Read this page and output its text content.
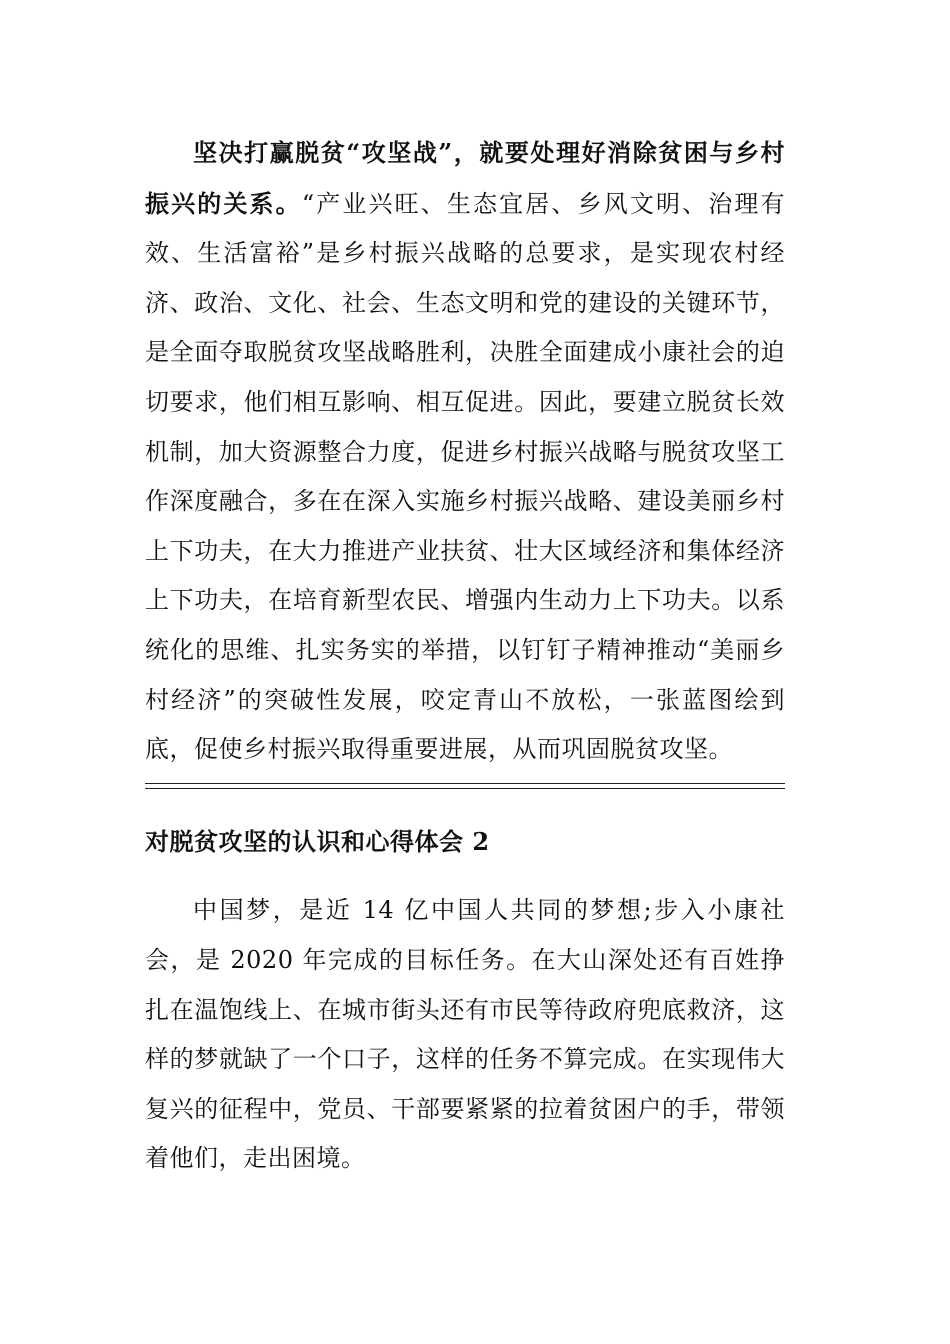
坚决打赢脱贫“攻坚战”，就要处理好消除贫困与乡村振兴的关系。“产业兴旺、生态宜居、乡风文明、治理有效、生活富裕”是乡村振兴战略的总要求，是实现农村经济、政治、文化、社会、生态文明和党的建设的关键环节，是全面夺取脱贫攻坚战略胜利，决胜全面建成小康社会的迫切要求，他们相互影响、相互促进。因此，要建立脱贫长效机制，加大资源整合力度，促进乡村振兴战略与脱贫攻坚工作深度融合，多在在深入实施乡村振兴战略、建设美丽乡村上下功夫，在大力推进产业扶贫、壮大区域经济和集体经济上下功夫，在培育新型农民、增强内生动力上下功夫。以系统化的思维、扎实务实的举措，以钉钉子精神推动“美丽乡村经济”的突破性发展，咬定青山不放松，一张蓝图绘到底，促使乡村振兴取得重要进展，从而巩固脱贫攻坚。

对脱贫攻坚的认识和心得体会 2

中国梦，是近 14 亿中国人共同的梦想;步入小康社会，是 2020 年完成的目标任务。在大山深处还有百姓挣扎在温饱线上、在城市街头还有市民等待政府兜底救济，这样的梦就缺了一个口子，这样的任务不算完成。在实现伟大复兴的征程中，党员、干部要紧紧的拉着贫困户的手，带领着他们，走出困境。
